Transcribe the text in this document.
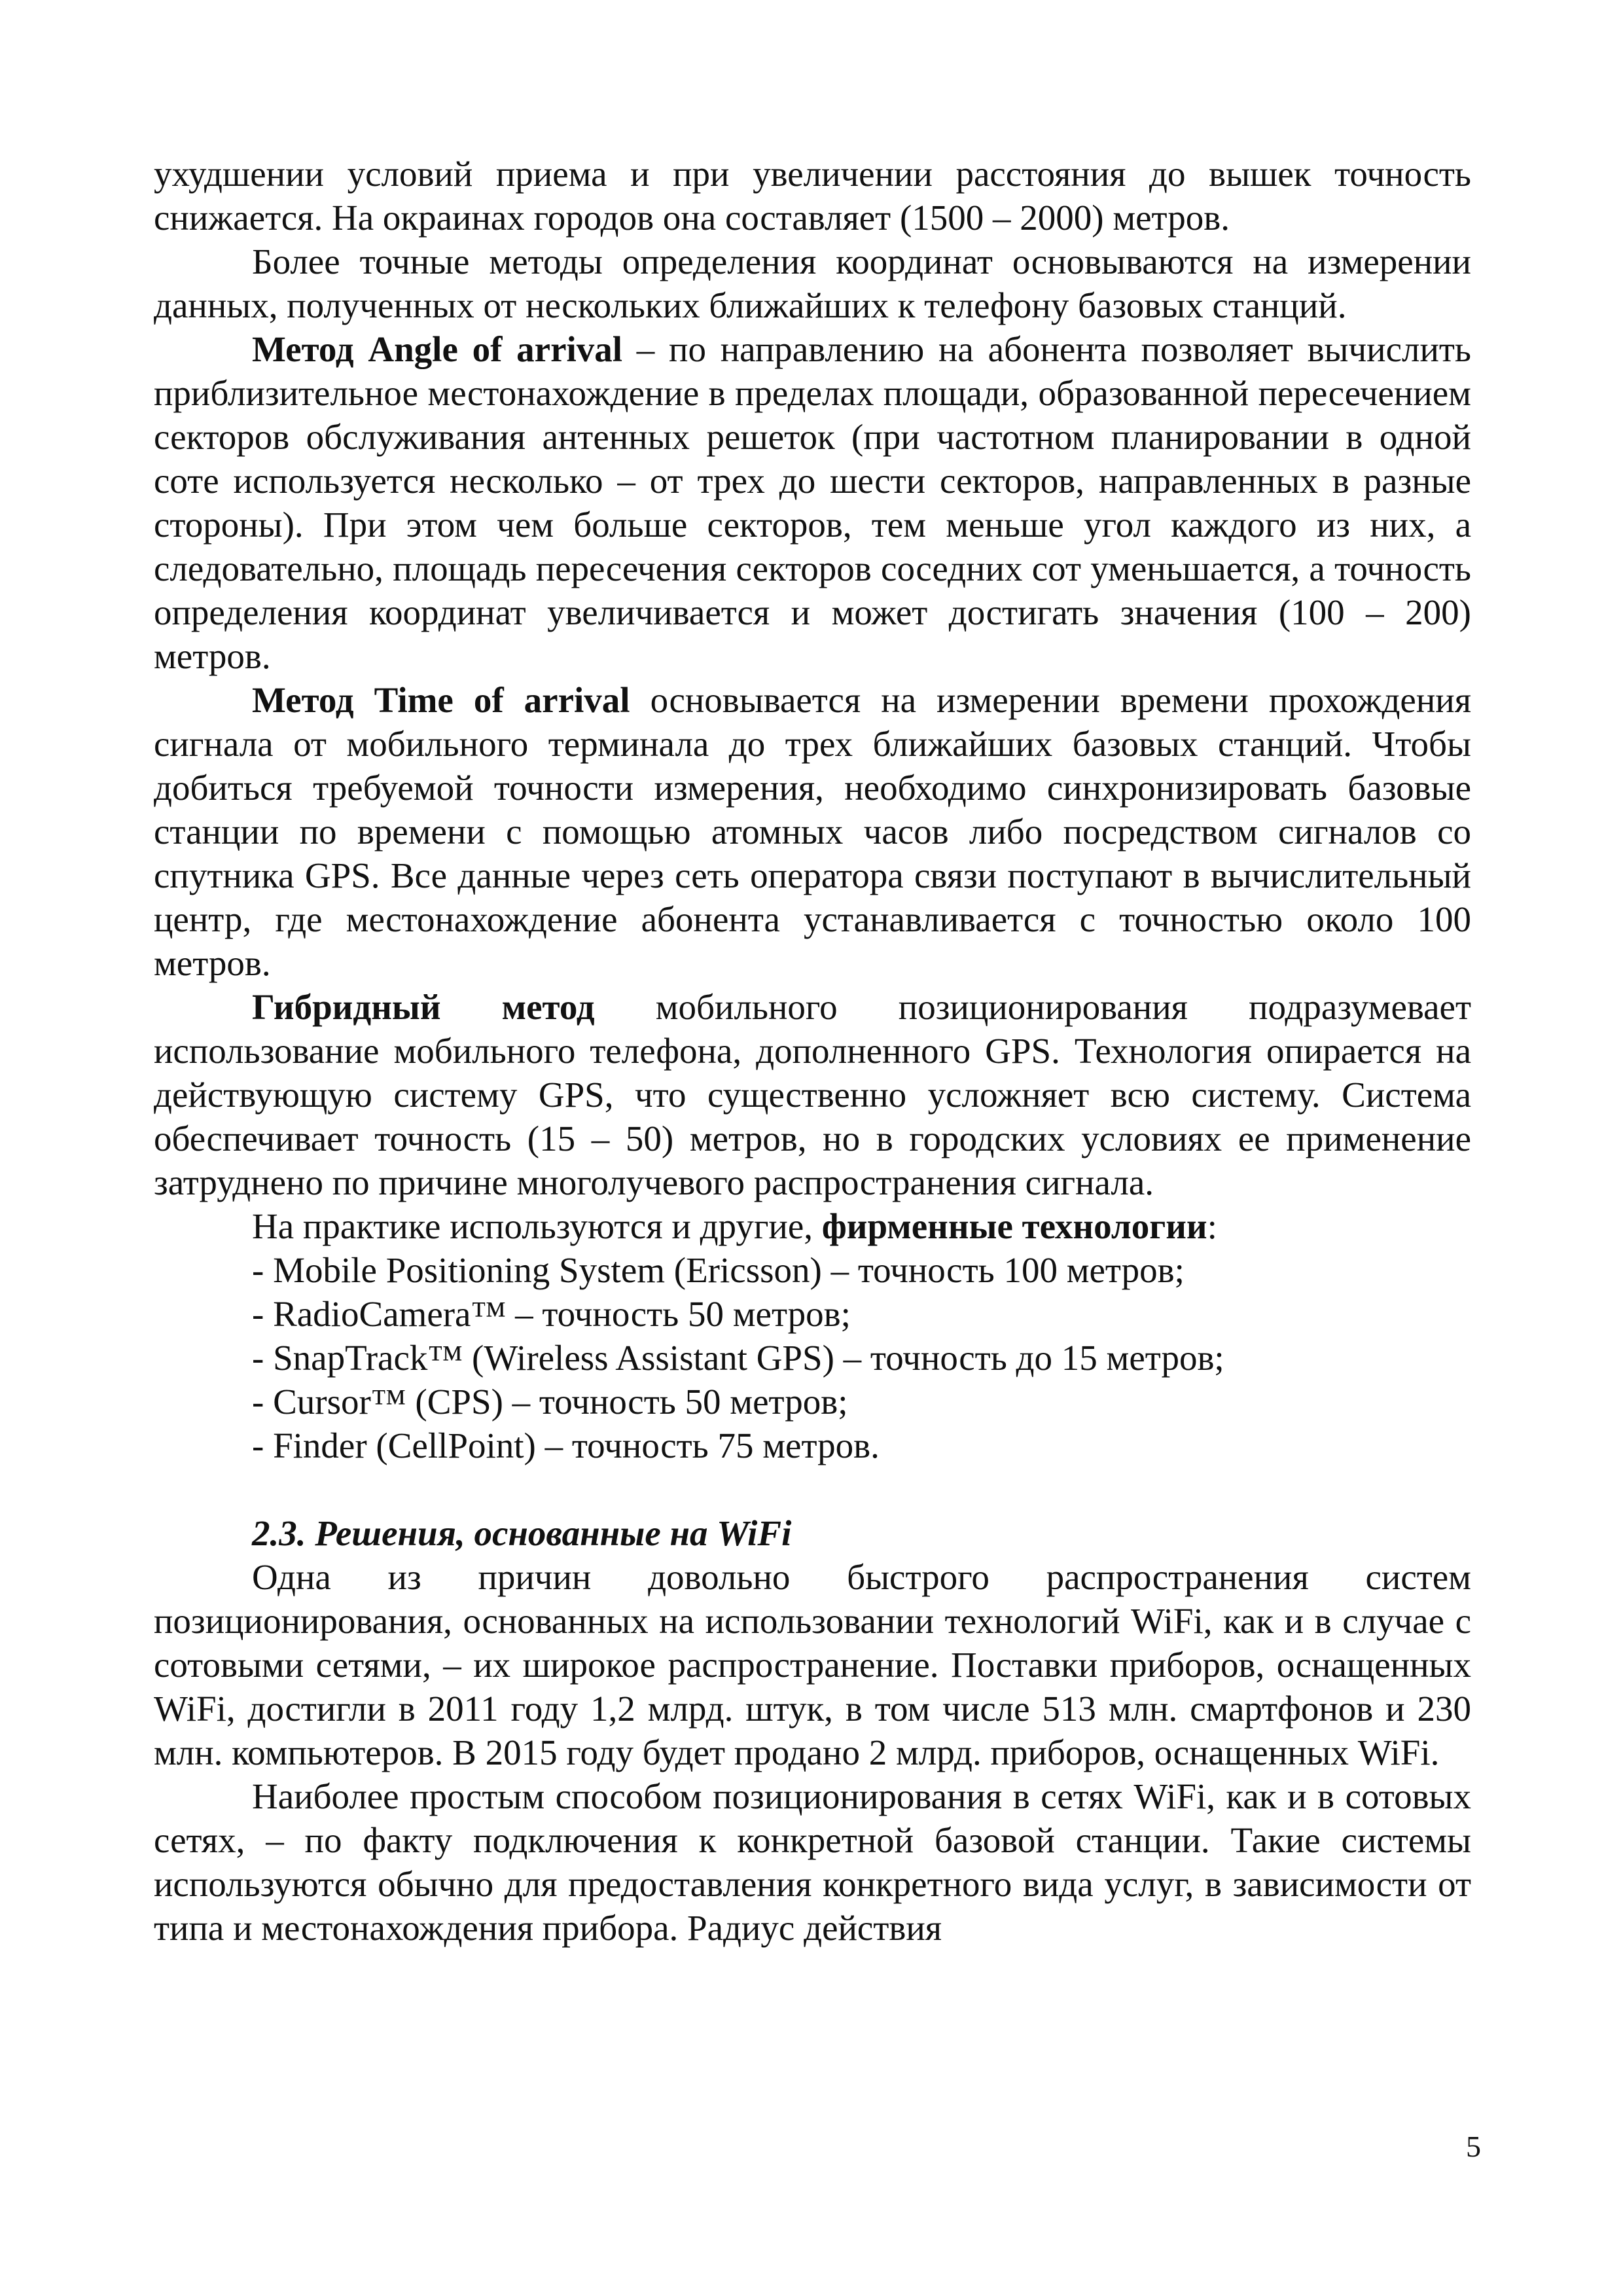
ухудшении условий приема и при увеличении расстояния до вышек точность снижается. На окраинах городов она составляет (1500 – 2000) метров.

Более точные методы определения координат основываются на измерении данных, полученных от нескольких ближайших к телефону базовых станций.

Метод Angle of arrival – по направлению на абонента позволяет вычислить приблизительное местонахождение в пределах площади, образованной пересечением секторов обслуживания антенных решеток (при частотном планировании в одной соте используется несколько – от трех до шести секторов, направленных в разные стороны). При этом чем больше секторов, тем меньше угол каждого из них, а следовательно, площадь пересечения секторов соседних сот уменьшается, а точность определения координат увеличивается и может достигать значения (100 – 200) метров.

Метод Time of arrival основывается на измерении времени прохождения сигнала от мобильного терминала до трех ближайших базовых станций. Чтобы добиться требуемой точности измерения, необходимо синхронизировать базовые станции по времени с помощью атомных часов либо посредством сигналов со спутника GPS. Все данные через сеть оператора связи поступают в вычислительный центр, где местонахождение абонента устанавливается с точностью около 100 метров.

Гибридный метод мобильного позиционирования подразумевает использование мобильного телефона, дополненного GPS. Технология опирается на действующую систему GPS, что существенно усложняет всю систему. Система обеспечивает точность (15 – 50) метров, но в городских условиях ее применение затруднено по причине многолучевого распространения сигнала.

На практике используются и другие, фирменные технологии:

- Mobile Positioning System (Ericsson) – точность 100 метров;
- RadioCamera™ – точность 50 метров;
- SnapTrack™ (Wireless Assistant GPS) – точность до 15 метров;
- Cursor™ (CPS) – точность 50 метров;
- Finder (CellPoint) – точность 75 метров.
2.3. Решения, основанные на WiFi

Одна из причин довольно быстрого распространения систем позиционирования, основанных на использовании технологий WiFi, как и в случае с сотовыми сетями, – их широкое распространение. Поставки приборов, оснащенных WiFi, достигли в 2011 году 1,2 млрд. штук, в том числе 513 млн. смартфонов и 230 млн. компьютеров. В 2015 году будет продано 2 млрд. приборов, оснащенных WiFi.

Наиболее простым способом позиционирования в сетях WiFi, как и в сотовых сетях, – по факту подключения к конкретной базовой станции. Такие системы используются обычно для предоставления конкретного вида услуг, в зависимости от типа и местонахождения прибора. Радиус действия

5
